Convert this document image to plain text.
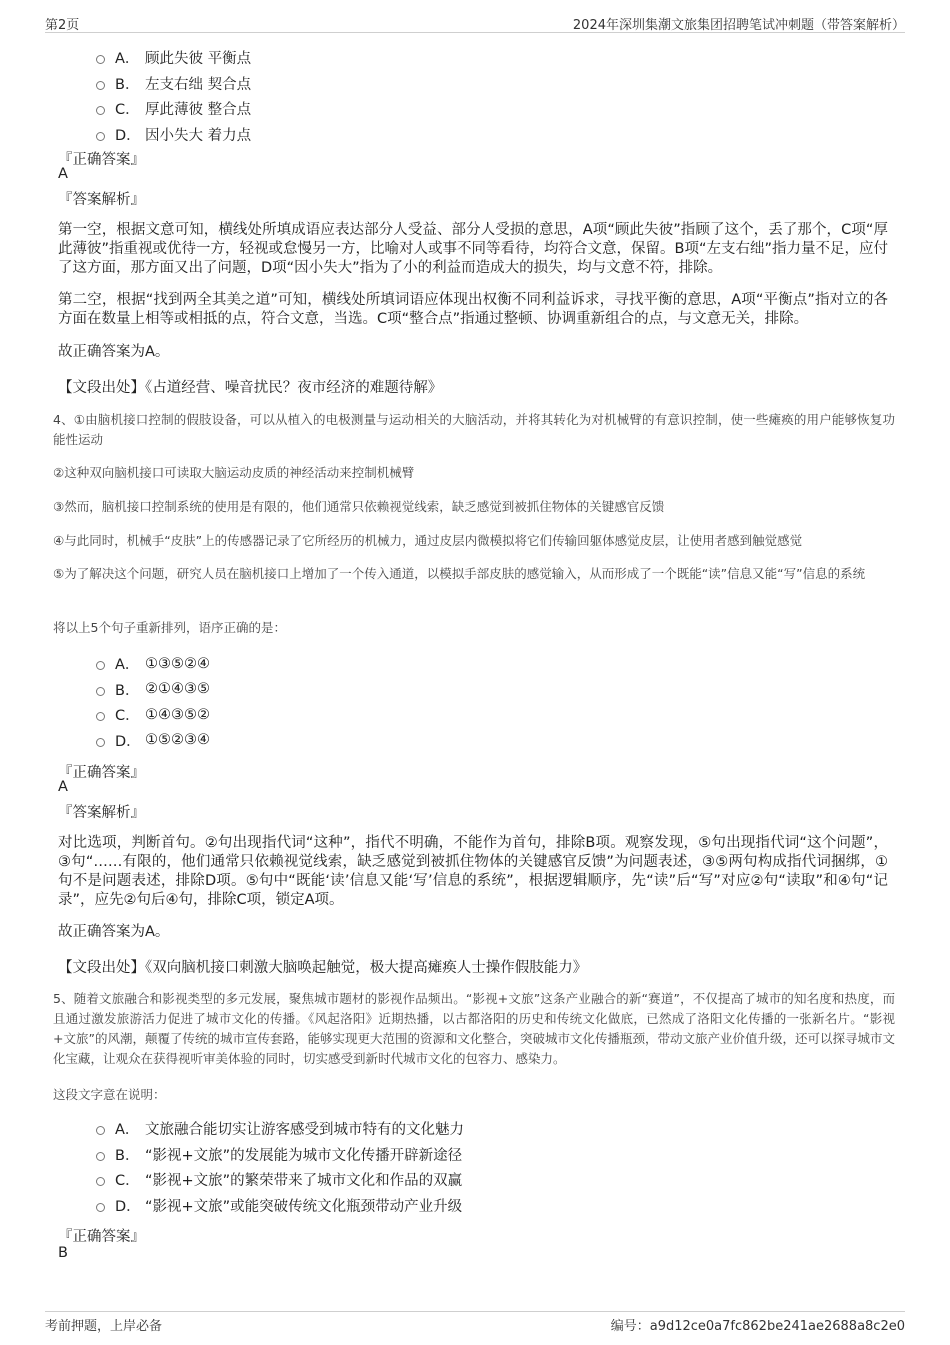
第2页	2024年深圳集潮文旅集团招聘笔试冲刺题（带答案解析）
A． 顾此失彼 平衡点
B． 左支右绌 契合点
C． 厚此薄彼 整合点
D． 因小失大 着力点
『正确答案』
A
『答案解析』
第一空，根据文意可知，横线处所填成语应表达部分人受益、部分人受损的意思，A项“顾此失彼”指顾了这个，丢了那个，C项“厚此薄彼”指重视或优待一方，轻视或怠慢另一方，比喻对人或事不同等看待，均符合文意，保留。B项“左支右绌”指力量不足，应付了这方面，那方面又出了问题，D项“因小失大”指为了小的利益而造成大的损失，均与文意不符，排除。
第二空，根据“找到两全其美之道”可知，横线处所填词语应体现出权衡不同利益诉求，寻找平衡的意思，A项“平衡点”指对立的各方面在数量上相等或相抵的点，符合文意，当选。C项“整合点”指通过整顿、协调重新组合的点，与文意无关，排除。
故正确答案为A。
【文段出处】《占道经营、噪音扰民？夜市经济的难题待解》
4、①由脑机接口控制的假肢设备，可以从植入的电极测量与运动相关的大脑活动，并将其转化为对机械臂的有意识控制，使一些瘫痪的用户能够恢复功能性运动
②这种双向脑机接口可读取大脑运动皮质的神经活动来控制机械臂
③然而，脑机接口控制系统的使用是有限的，他们通常只依赖视觉线索，缺乏感觉到被抓住物体的关键感官反馈
④与此同时，机械手“皮肤”上的传感器记录了它所经历的机械力，通过皮层内微模拟将它们传输回躯体感觉皮层，让使用者感到触觉感觉
⑤为了解决这个问题，研究人员在脑机接口上增加了一个传入通道，以模拟手部皮肤的感觉输入，从而形成了一个既能“读”信息又能“写”信息的系统
将以上5个句子重新排列，语序正确的是：
A． ①③⑤②④
B． ②①④③⑤
C． ①④③⑤②
D． ①⑤②③④
『正确答案』
A
『答案解析』
对比选项，判断首句。②句出现指代词“这种”，指代不明确，不能作为首句，排除B项。观察发现，⑤句出现指代词“这个问题”，③句“……有限的，他们通常只依赖视觉线索，缺乏感觉到被抓住物体的关键感官反馈”为问题表述，③⑤两句构成指代词捆绑，①句不是问题表述，排除D项。⑤句中“既能‘读’信息又能‘写’信息的系统”，根据逻辑顺序，先“读”后“写”对应②句“读取”和④句“记录”，应先②句后④句，排除C项，锁定A项。
故正确答案为A。
【文段出处】《双向脑机接口刺激大脑唤起触觉，极大提高瘫痪人士操作假肢能力》
5、随着文旅融合和影视类型的多元发展，聚焦城市题材的影视作品频出。“影视+文旅”这条产业融合的新“赛道”，不仅提高了城市的知名度和热度，而且通过激发旅游活力促进了城市文化的传播。《风起洛阳》近期热播，以古都洛阳的历史和传统文化做底，已然成了洛阳文化传播的一张新名片。“影视+文旅”的风潮，颠覆了传统的城市宣传套路，能够实现更大范围的资源和文化整合，突破城市文化传播瓶颈，带动文旅产业价值升级，还可以探寻城市文化宝藏，让观众在获得视听审美体验的同时，切实感受到新时代城市文化的包容力、感染力。
这段文字意在说明：
A． 文旅融合能切实让游客感受到城市特有的文化魅力
B． “影视+文旅”的发展能为城市文化传播开辟新途径
C． “影视+文旅”的繁荣带来了城市文化和作品的双赢
D． “影视+文旅”或能突破传统文化瓶颈带动产业升级
『正确答案』
B
考前押题，上岸必备	编号：a9d12ce0a7fc862be241ae2688a8c2e0
